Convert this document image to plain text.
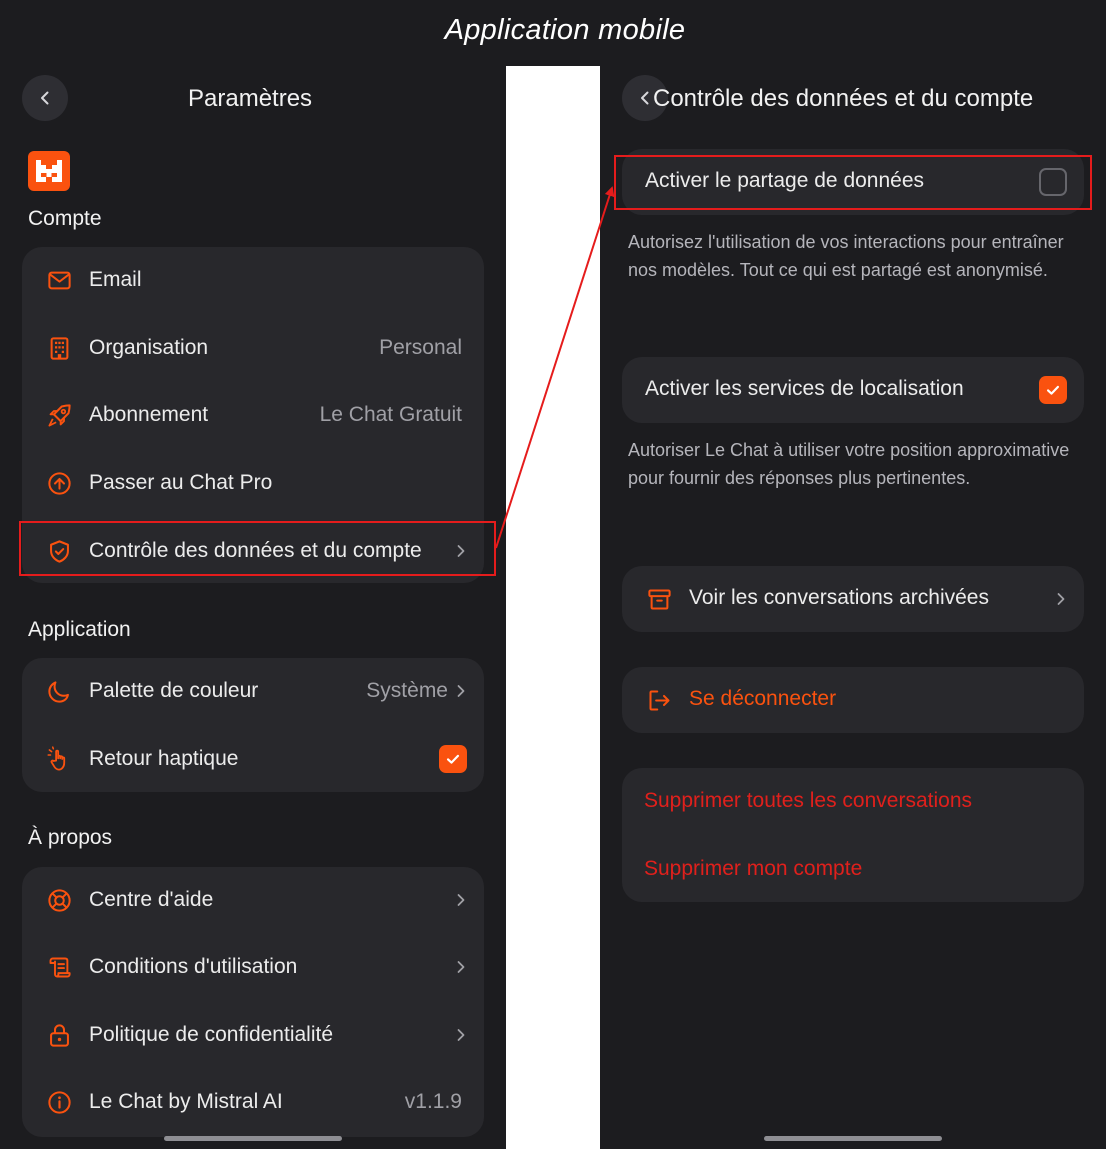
Application mobile
Paramètres
Compte
Email
Organisation	Personal
Abonnement	Le Chat Gratuit
Passer au Chat Pro
Contrôle des données et du compte
Application
Palette de couleur	Système
Retour haptique
À propos
Centre d'aide
Conditions d'utilisation
Politique de confidentialité
Le Chat by Mistral AI	v1.1.9
Contrôle des données et du compte
Activer le partage de données
Autorisez l'utilisation de vos interactions pour entraîner nos modèles. Tout ce qui est partagé est anonymisé.
Activer les services de localisation
Autoriser Le Chat à utiliser votre position approximative pour fournir des réponses plus pertinentes.
Voir les conversations archivées
Se déconnecter
Supprimer toutes les conversations
Supprimer mon compte
